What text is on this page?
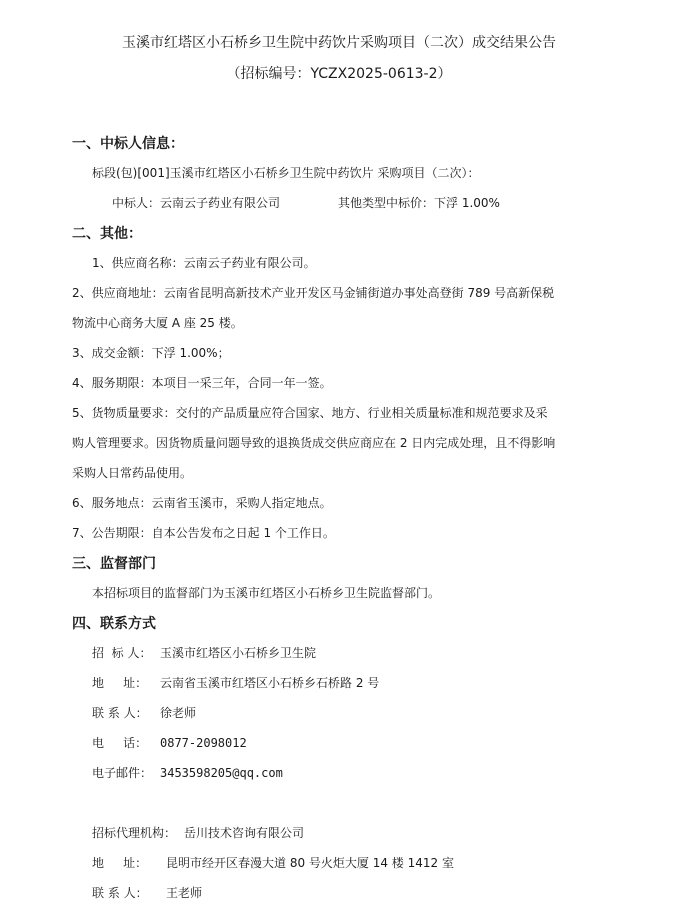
玉溪市红塔区小石桥乡卫生院中药饮片采购项目（二次）成交结果公告
（招标编号：YCZX2025-0613-2）
一、中标人信息：
标段(包)[001]玉溪市红塔区小石桥乡卫生院中药饮片 采购项目（二次）：
中标人：云南云子药业有限公司	其他类型中标价：下浮 1.00%
二、其他：
1、供应商名称：云南云子药业有限公司。
2、供应商地址：云南省昆明高新技术产业开发区马金铺街道办事处高登街 789 号高新保税
物流中心商务大厦 A 座 25 楼。
3、成交金额：下浮 1.00%；
4、服务期限：本项目一采三年，合同一年一签。
5、货物质量要求：交付的产品质量应符合国家、地方、行业相关质量标准和规范要求及采
购人管理要求。因货物质量问题导致的退换货成交供应商应在 2 日内完成处理，且不得影响
采购人日常药品使用。
6、服务地点：云南省玉溪市，采购人指定地点。
7、公告期限：自本公告发布之日起 1 个工作日。
三、监督部门
本招标项目的监督部门为玉溪市红塔区小石桥乡卫生院监督部门。
四、联系方式
招  标 人： 玉溪市红塔区小石桥乡卫生院
地     址： 云南省玉溪市红塔区小石桥乡石桥路 2 号
联 系 人： 徐老师
电     话： 0877-2098012
电子邮件： 3453598205@qq.com
招标代理机构： 岳川技术咨询有限公司
地     址： 昆明市经开区春漫大道 80 号火炬大厦 14 楼 1412 室
联 系 人： 王老师
